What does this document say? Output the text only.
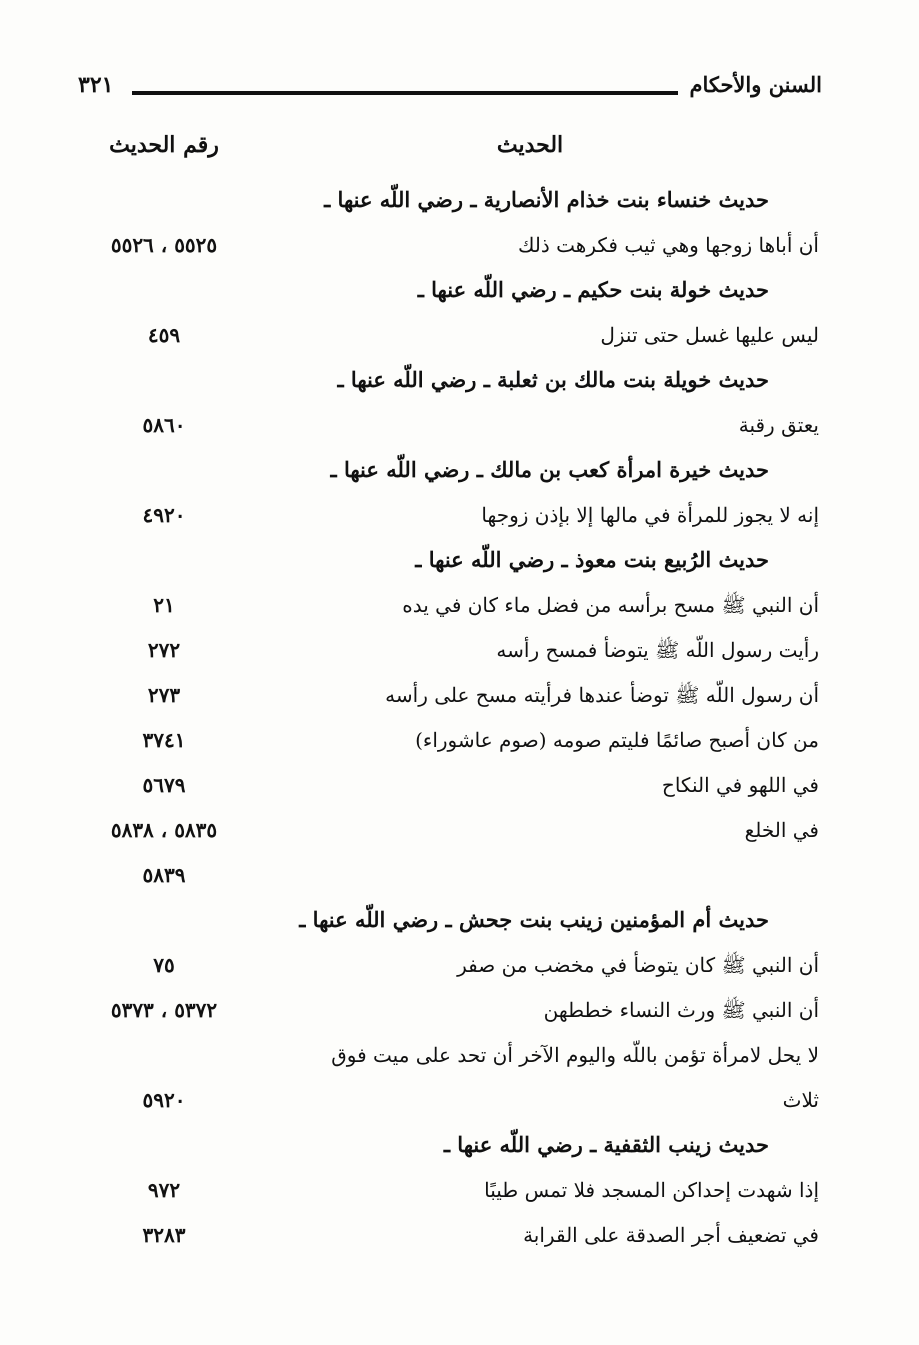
السنن والأحكام
٣٢١
الحديث
رقم الحديث
حديث خنساء بنت خذام الأنصارية ـ رضي اللّه عنها ـ
أن أباها زوجها وهي ثيب فكرهت ذلك
٥٥٢٥ ، ٥٥٢٦
حديث خولة بنت حكيم ـ رضي اللّه عنها ـ
ليس عليها غسل حتى تنزل
٤٥٩
حديث خويلة بنت مالك بن ثعلبة ـ رضي اللّه عنها ـ
يعتق رقبة
٥٨٦٠
حديث خيرة امرأة كعب بن مالك ـ رضي اللّه عنها ـ
إنه لا يجوز للمرأة في مالها إلا بإذن زوجها
٤٩٢٠
حديث الرُبيع بنت معوذ ـ رضي اللّه عنها ـ
أن النبي ﷺ مسح برأسه من فضل ماء كان في يده
٢١
رأيت رسول اللّه ﷺ يتوضأ فمسح رأسه
٢٧٢
أن رسول اللّه ﷺ توضأ عندها فرأيته مسح على رأسه
٢٧٣
من كان أصبح صائمًا فليتم صومه (صوم عاشوراء)
٣٧٤١
في اللهو في النكاح
٥٦٧٩
في الخلع
٥٨٣٥ ، ٥٨٣٨
٥٨٣٩
حديث أم المؤمنين زينب بنت جحش ـ رضي اللّه عنها ـ
أن النبي ﷺ كان يتوضأ في مخضب من صفر
٧٥
أن النبي ﷺ ورث النساء خططهن
٥٣٧٢ ، ٥٣٧٣
لا يحل لامرأة تؤمن باللّه واليوم الآخر أن تحد على ميت فوق
ثلاث
٥٩٢٠
حديث زينب الثقفية ـ رضي اللّه عنها ـ
إذا شهدت إحداكن المسجد فلا تمس طيبًا
٩٧٢
في تضعيف أجر الصدقة على القرابة
٣٢٨٣
